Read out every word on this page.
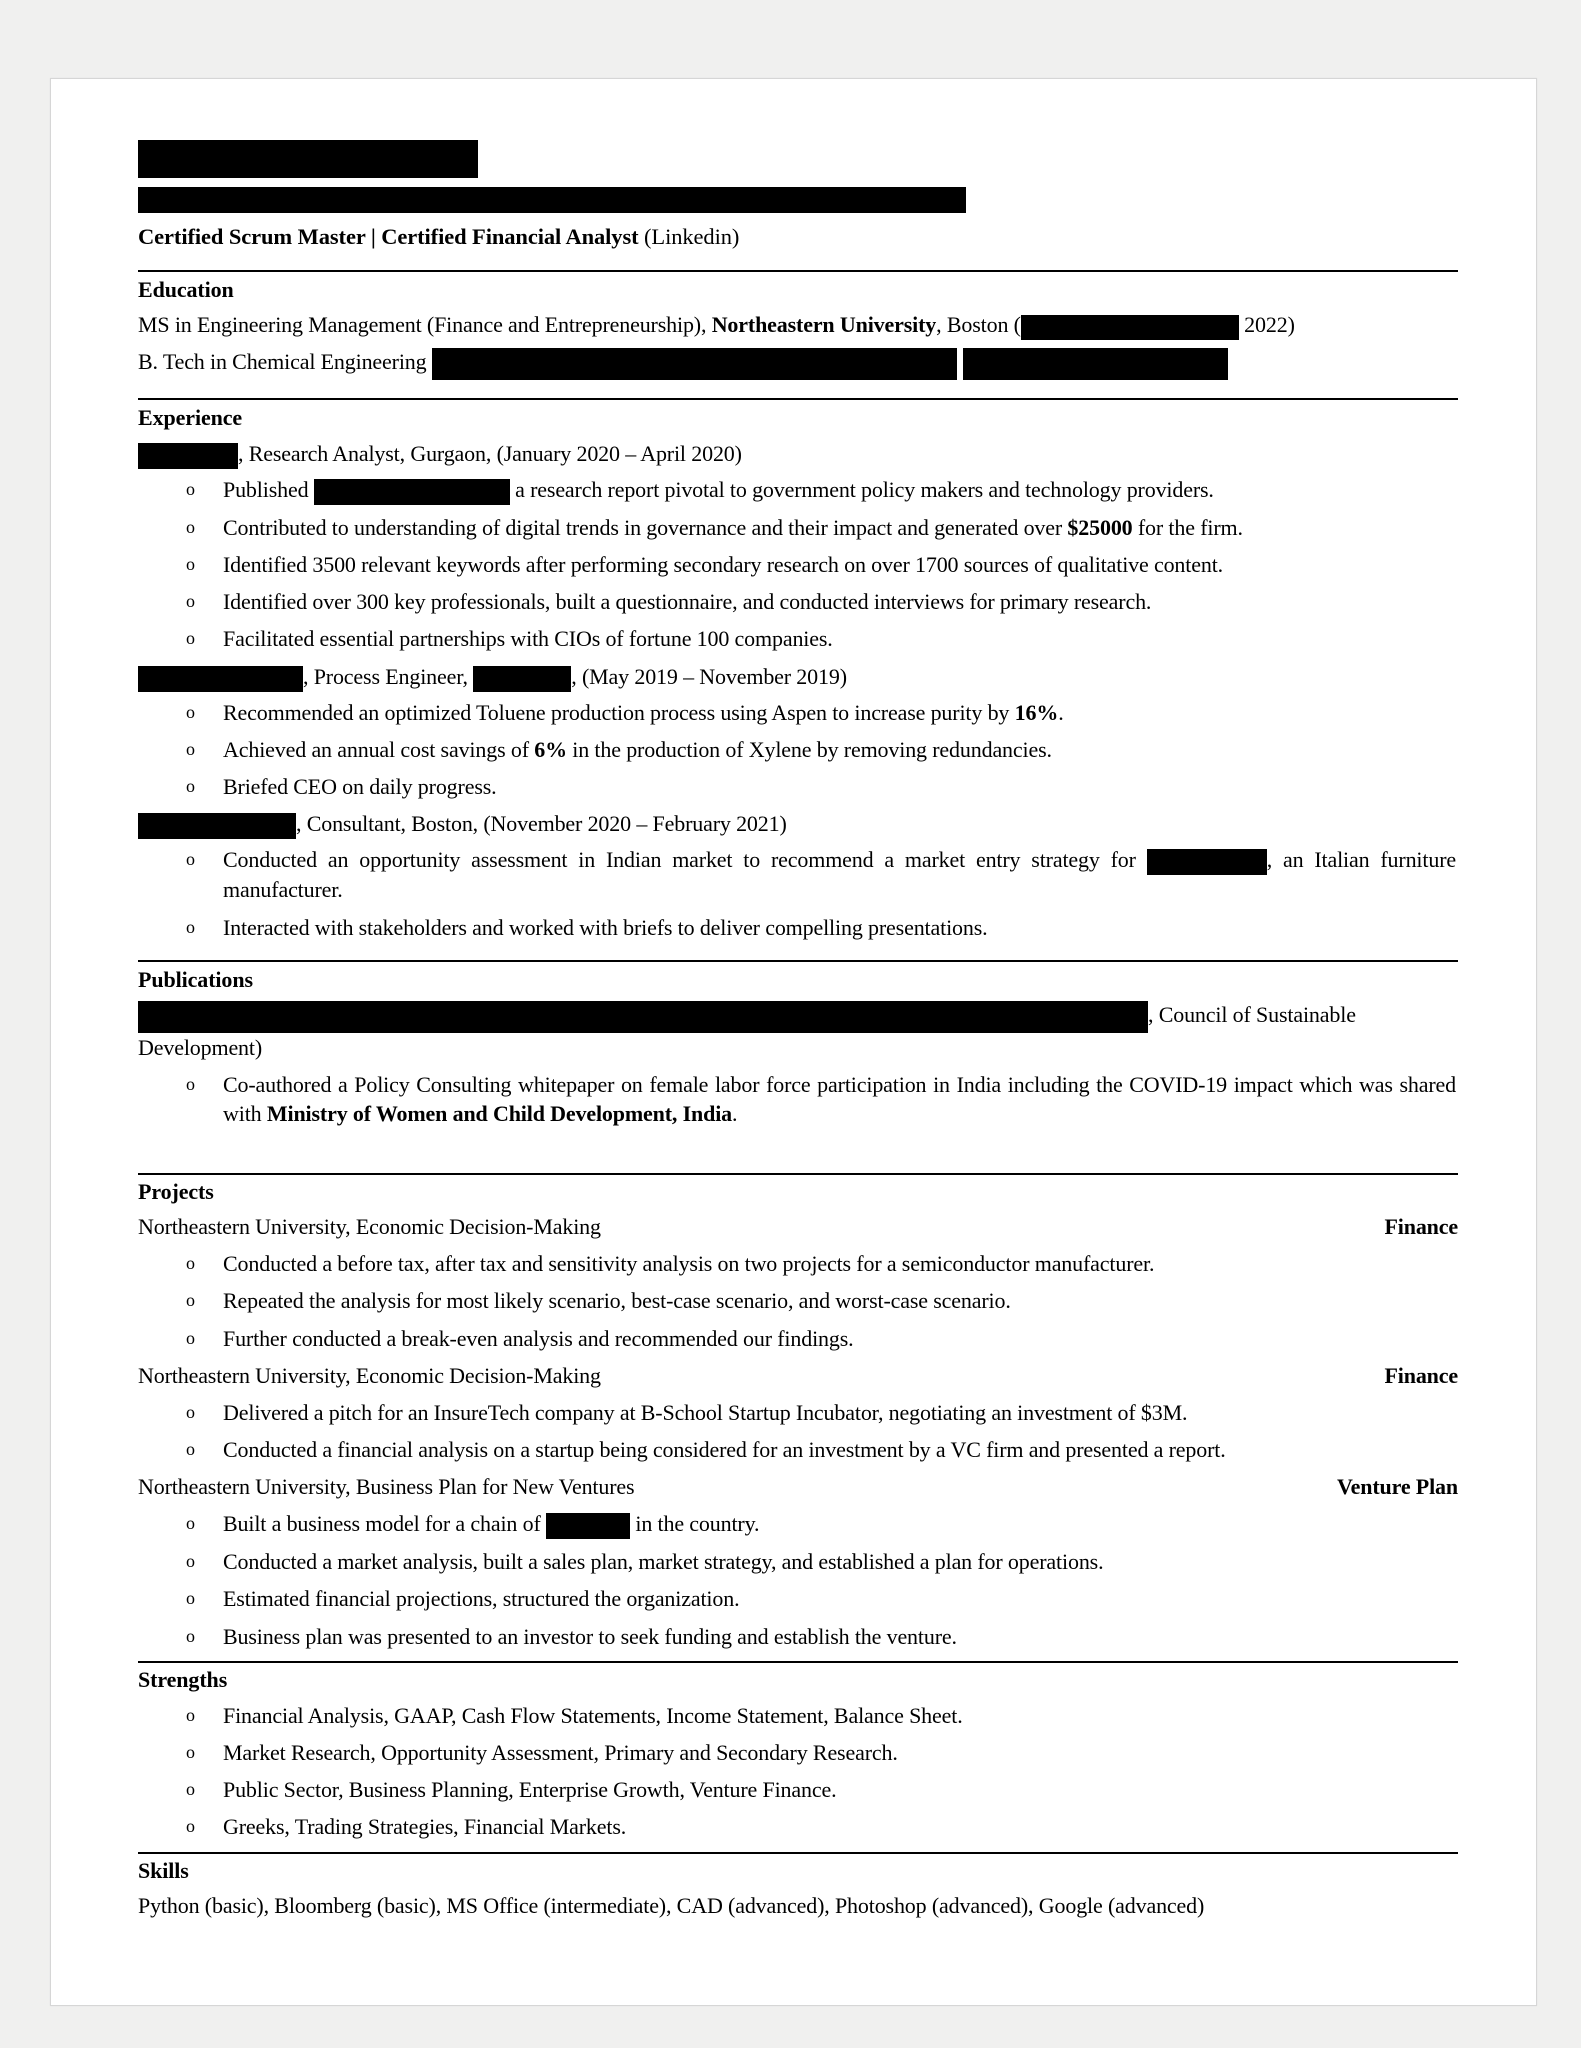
Certified Scrum Master | Certified Financial Analyst (Linkedin)

Education

MS in Engineering Management (Finance and Entrepreneurship), Northeastern University, Boston (	2022)

B. Tech in Chemical Engineering

Experience

, Research Analyst, Gurgaon, (January 2020 – April 2020)

o Published	a research report pivotal to government policy makers and technology providers.
o Contributed to understanding of digital trends in governance and their impact and generated over $25000 for the firm.
o Identified 3500 relevant keywords after performing secondary research on over 1700 sources of qualitative content.
o Identified over 300 key professionals, built a questionnaire, and conducted interviews for primary research.
o Facilitated essential partnerships with CIOs of fortune 100 companies.

, Process Engineer,	, (May 2019 – November 2019)

o Recommended an optimized Toluene production process using Aspen to increase purity by 16%.
o Achieved an annual cost savings of 6% in the production of Xylene by removing redundancies.
o Briefed CEO on daily progress.

, Consultant, Boston, (November 2020 – February 2021)

o Conducted an opportunity assessment in Indian market to recommend a market entry strategy for	, an Italian furniture manufacturer.
o Interacted with stakeholders and worked with briefs to deliver compelling presentations.
Publications

, Council of Sustainable Development)

o Co-authored a Policy Consulting whitepaper on female labor force participation in India including the COVID-19 impact which was shared with Ministry of Women and Child Development, India.
Projects
Northeastern University, Economic Decision-Making	Finance
o Conducted a before tax, after tax and sensitivity analysis on two projects for a semiconductor manufacturer.
o Repeated the analysis for most likely scenario, best-case scenario, and worst-case scenario.
o Further conducted a break-even analysis and recommended our findings.
Northeastern University, Economic Decision-Making	Finance
o Delivered a pitch for an InsureTech company at B-School Startup Incubator, negotiating an investment of $3M.
o Conducted a financial analysis on a startup being considered for an investment by a VC firm and presented a report.
Northeastern University, Business Plan for New Ventures	Venture Plan
o Built a business model for a chain of	in the country.
o Conducted a market analysis, built a sales plan, market strategy, and established a plan for operations.
o Estimated financial projections, structured the organization.
o Business plan was presented to an investor to seek funding and establish the venture.
Strengths
o Financial Analysis, GAAP, Cash Flow Statements, Income Statement, Balance Sheet.
o Market Research, Opportunity Assessment, Primary and Secondary Research.
o Public Sector, Business Planning, Enterprise Growth, Venture Finance.
o Greeks, Trading Strategies, Financial Markets.
Skills

Python (basic), Bloomberg (basic), MS Office (intermediate), CAD (advanced), Photoshop (advanced), Google (advanced)
